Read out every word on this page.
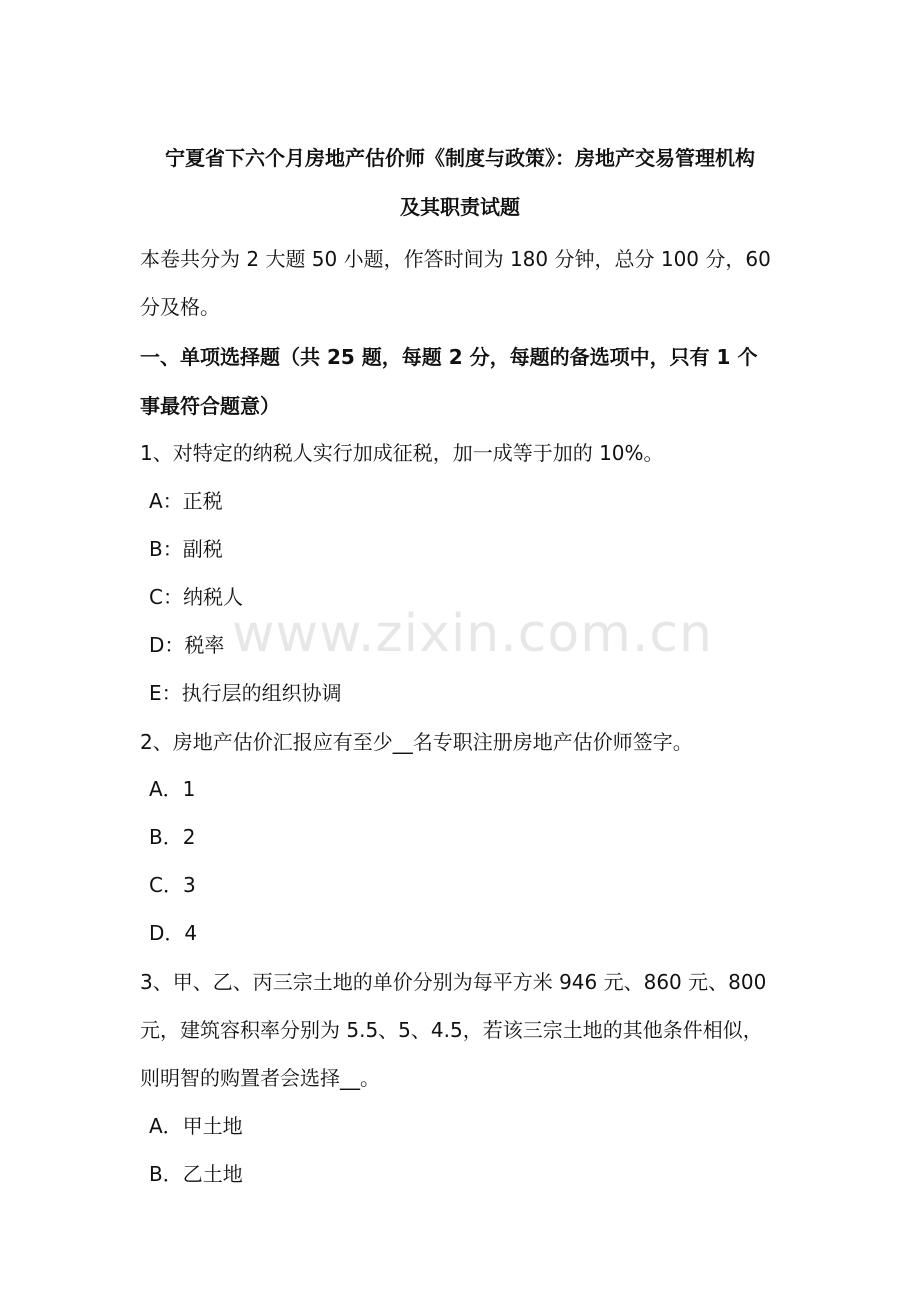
宁夏省下六个月房地产估价师《制度与政策》：房地产交易管理机构
及其职责试题
本卷共分为 2 大题 50 小题，作答时间为 180 分钟，总分 100 分，60
分及格。
一、单项选择题（共 25 题，每题 2 分，每题的备选项中，只有 1 个
事最符合题意）
1、对特定的纳税人实行加成征税，加一成等于加的 10%。
A：正税
B：副税
C：纳税人
D：税率
E：执行层的组织协调
2、房地产估价汇报应有至少__名专职注册房地产估价师签字。
A．1
B．2
C．3
D．4
3、甲、乙、丙三宗土地的单价分别为每平方米 946 元、860 元、800
元，建筑容积率分别为 5.5、5、4.5，若该三宗土地的其他条件相似，
则明智的购置者会选择__。
A．甲土地
B．乙土地
www.zixin.com.cn
